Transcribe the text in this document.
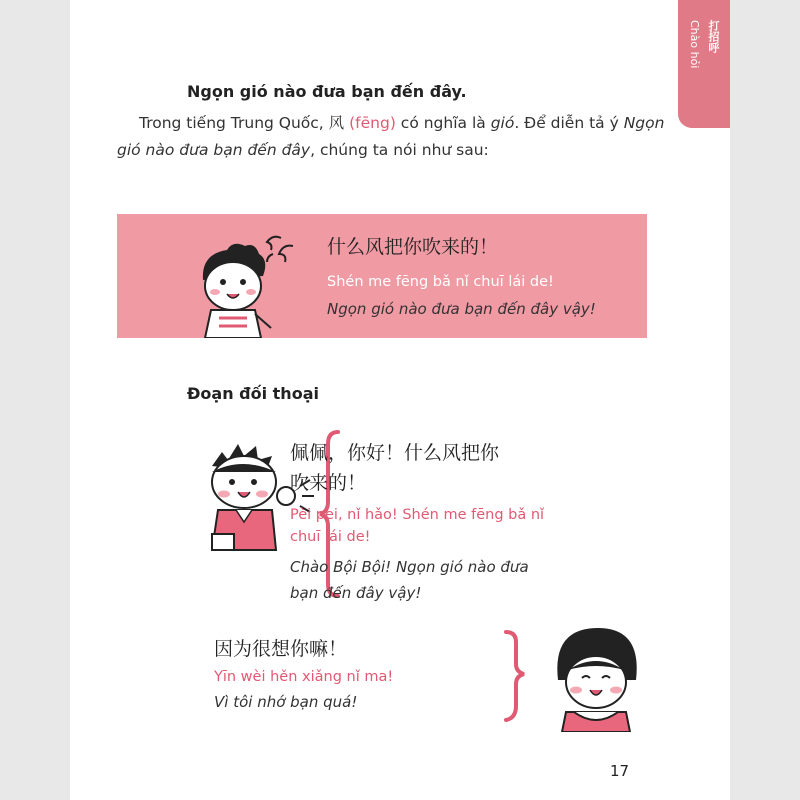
Chào hỏi 打招呼
Ngọn gió nào đưa bạn đến đây.
Trong tiếng Trung Quốc, 风 (fēng) có nghĩa là gió. Để diễn tả ý Ngọn gió nào đưa bạn đến đây, chúng ta nói như sau:
什么风把你吹来的！
Shén me fēng bǎ nǐ chuī lái de!
Ngọn gió nào đưa bạn đến đây vậy!
Đoạn đối thoại
佩佩，你好！什么风把你
吹来的！
Pèi pei, nǐ hǎo! Shén me fēng bǎ nǐ
chuī lái de!
Chào Bội Bội! Ngọn gió nào đưa
bạn đến đây vậy!
因为很想你嘛！
Yīn wèi hěn xiǎng nǐ ma!
Vì tôi nhớ bạn quá!
17
